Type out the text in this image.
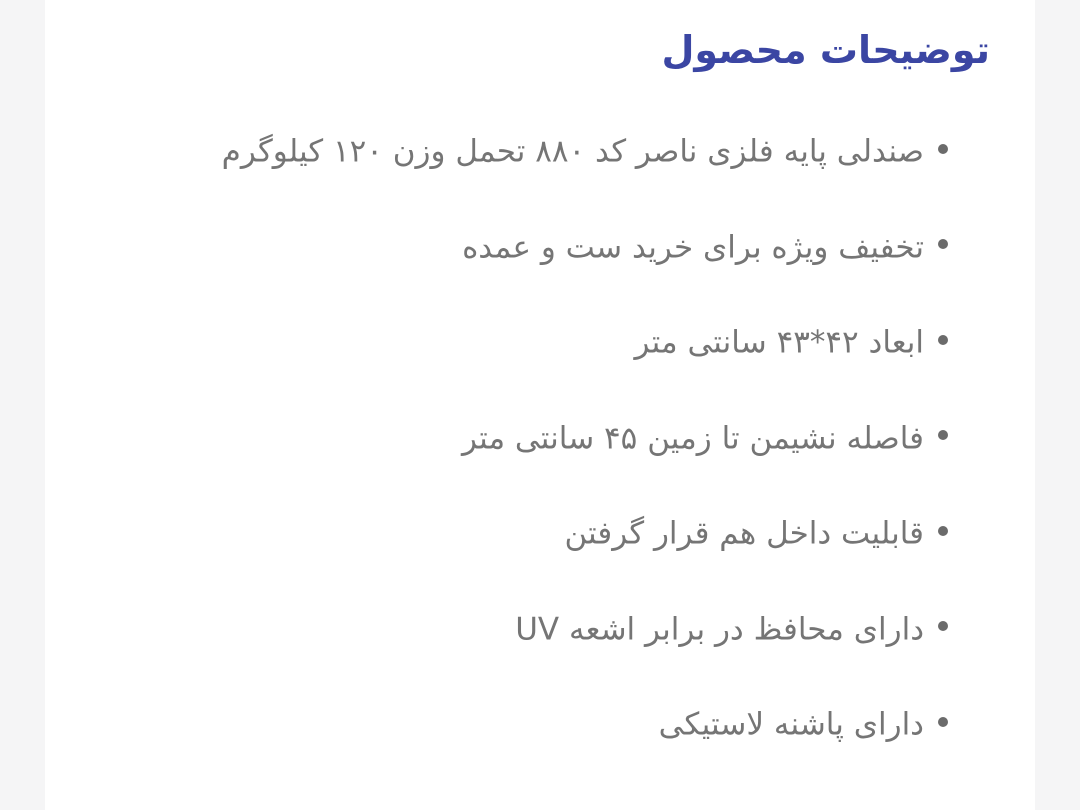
توضیحات محصول
صندلی پایه فلزی ناصر کد ۸۸۰ تحمل وزن ۱۲۰ کیلوگرم
تخفیف ویژه برای خرید ست و عمده
ابعاد ۴۲*۴۳ سانتی متر
فاصله نشیمن تا زمین ۴۵ سانتی متر
قابلیت داخل هم قرار گرفتن
دارای محافظ در برابر اشعه UV
دارای پاشنه لاستیکی
